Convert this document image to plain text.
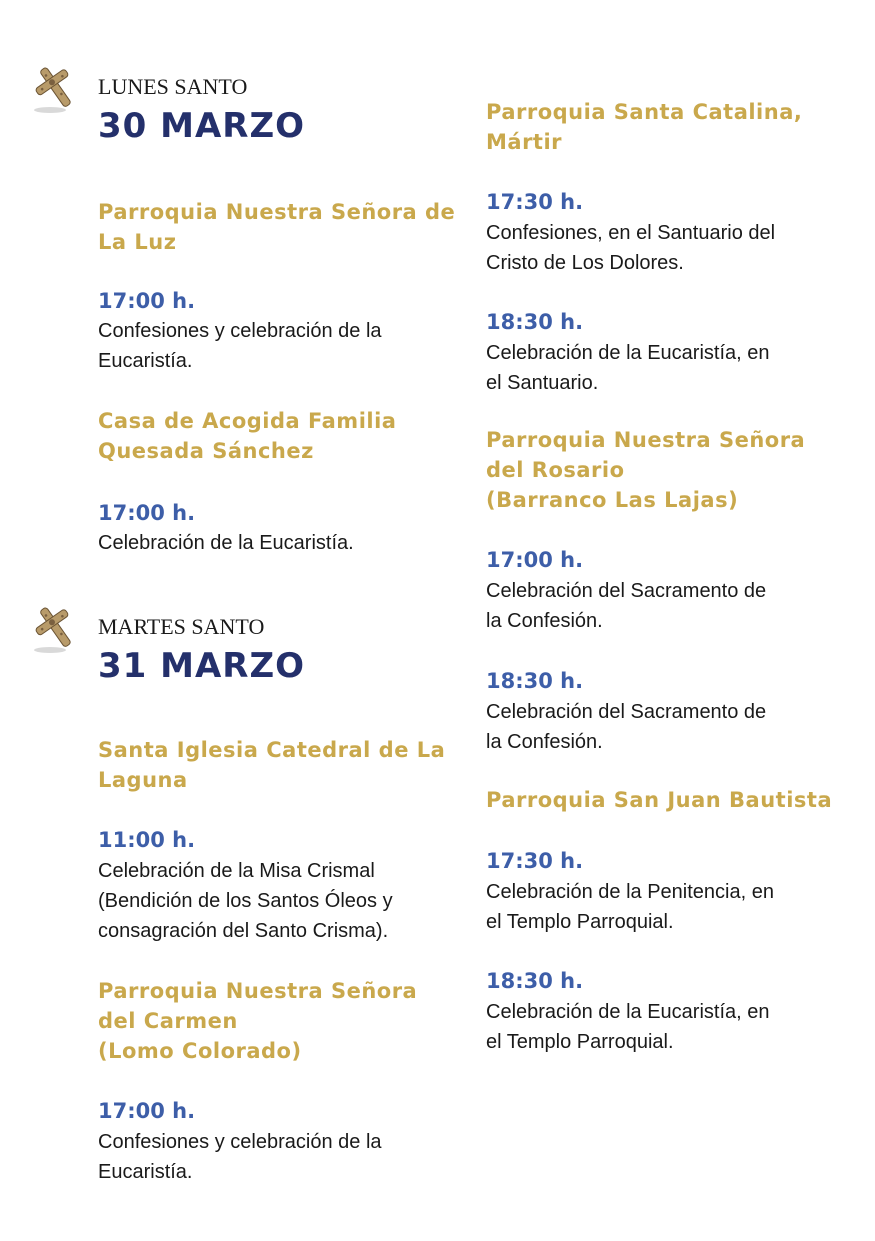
LUNES SANTO
30 MARZO
Parroquia Nuestra Señora de
La Luz
17:00 h.
Confesiones y celebración de la
Eucaristía.
Casa de Acogida Familia
Quesada Sánchez
17:00 h.
Celebración de la Eucaristía.
MARTES SANTO
31 MARZO
Santa Iglesia Catedral de La
Laguna
11:00 h.
Celebración de la Misa Crismal
(Bendición de los Santos Óleos y
consagración del Santo Crisma).
Parroquia Nuestra Señora
del Carmen
(Lomo Colorado)
17:00 h.
Confesiones y celebración de la
Eucaristía.
Parroquia Santa Catalina,
Mártir
17:30 h.
Confesiones, en el Santuario del
Cristo de Los Dolores.
18:30 h.
Celebración de la Eucaristía, en
el Santuario.
Parroquia Nuestra Señora
del Rosario
(Barranco Las Lajas)
17:00 h.
Celebración del Sacramento de
la Confesión.
18:30 h.
Celebración del Sacramento de
la Confesión.
Parroquia San Juan Bautista
17:30 h.
Celebración de la Penitencia, en
el Templo Parroquial.
18:30 h.
Celebración de la Eucaristía, en
el Templo Parroquial.
